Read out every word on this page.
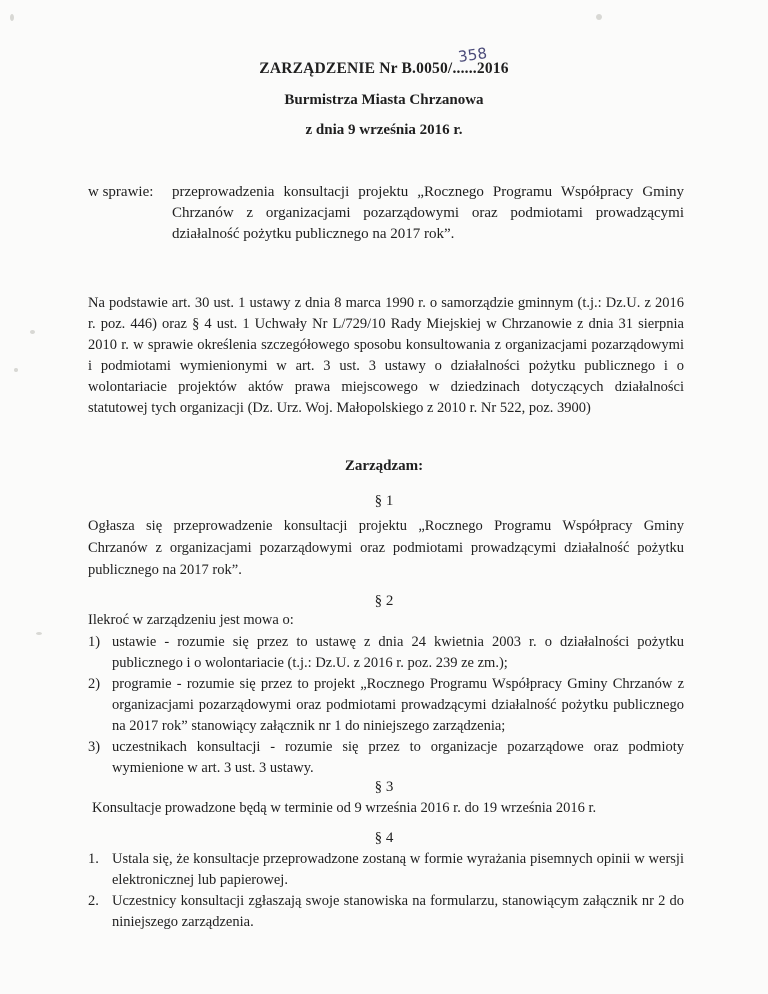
ZARZĄDZENIE Nr B.0050/......
358
2016
Burmistrza Miasta Chrzanowa
z dnia 9 września 2016 r.
w sprawie: przeprowadzenia konsultacji projektu „Rocznego Programu Współpracy Gminy Chrzanów z organizacjami pozarządowymi oraz podmiotami prowadzącymi działalność pożytku publicznego na 2017 rok”.
Na podstawie art. 30 ust. 1 ustawy z dnia 8 marca 1990 r. o samorządzie gminnym (t.j.: Dz.U. z 2016 r. poz. 446) oraz § 4 ust. 1 Uchwały Nr L/729/10 Rady Miejskiej w Chrzanowie z dnia 31 sierpnia 2010 r. w sprawie określenia szczegółowego sposobu konsultowania z organizacjami pozarządowymi i podmiotami wymienionymi w art. 3 ust. 3 ustawy o działalności pożytku publicznego i o wolontariacie projektów aktów prawa miejscowego w dziedzinach dotyczących działalności statutowej tych organizacji (Dz. Urz. Woj. Małopolskiego z 2010 r. Nr 522, poz. 3900)
Zarządzam:
§ 1
Ogłasza się przeprowadzenie konsultacji projektu „Rocznego Programu Współpracy Gminy Chrzanów z organizacjami pozarządowymi oraz podmiotami prowadzącymi działalność pożytku publicznego na 2017 rok”.
§ 2
Ilekroć w zarządzeniu jest mowa o:
1) ustawie - rozumie się przez to ustawę z dnia 24 kwietnia 2003 r. o działalności pożytku publicznego i o wolontariacie (t.j.: Dz.U. z 2016 r. poz. 239 ze zm.);
2) programie - rozumie się przez to projekt „Rocznego Programu Współpracy Gminy Chrzanów z organizacjami pozarządowymi oraz podmiotami prowadzącymi działalność pożytku publicznego na 2017 rok” stanowiący załącznik nr 1 do niniejszego zarządzenia;
3) uczestnikach konsultacji - rozumie się przez to organizacje pozarządowe oraz podmioty wymienione w art. 3 ust. 3 ustawy.
§ 3
Konsultacje prowadzone będą w terminie od 9 września 2016 r. do 19 września 2016 r.
§ 4
1. Ustala się, że konsultacje przeprowadzone zostaną w formie wyrażania pisemnych opinii w wersji elektronicznej lub papierowej.
2. Uczestnicy konsultacji zgłaszają swoje stanowiska na formularzu, stanowiącym załącznik nr 2 do niniejszego zarządzenia.
